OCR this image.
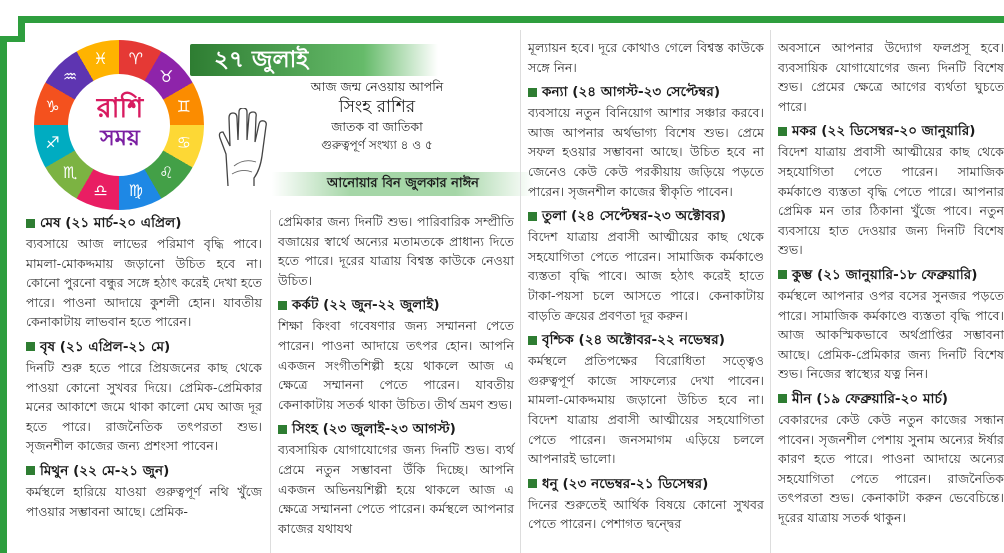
♈
♉
♊
♋
♌
♍
♎
♏
♐
♑
♒
♓
রাশি
সময়
২৭ জুলাই
আজ জন্ম নেওয়ায় আপনি
সিংহ রাশির
জাতক বা জাতিকা
গুরুত্বপূর্ণ সংখ্যা ৪ ও ৫
আনোয়ার বিন জুলকার নাঈন
মেষ (২১ মার্চ-২০ এপ্রিল)

ব্যবসায়ে আজ লাভের পরিমাণ বৃদ্ধি পাবে। মামলা-মোকদ্দমায় জড়ানো উচিত হবে না। কোনো পুরনো বন্ধুর সঙ্গে হঠাৎ করেই দেখা হতে পারে। পাওনা আদায়ে কুশলী হোন। যাবতীয় কেনাকাটায় লাভবান হতে পারেন।

বৃষ (২১ এপ্রিল-২১ মে)

দিনটি শুরু হতে পারে প্রিয়জনের কাছ থেকে পাওয়া কোনো সুখবর দিয়ে। প্রেমিক-প্রেমিকার মনের আকাশে জমে থাকা কালো মেঘ আজ দূর হতে পারে। রাজনৈতিক তৎপরতা শুভ। সৃজনশীল কাজের জন্য প্রশংসা পাবেন।

মিথুন (২২ মে-২১ জুন)

কর্মস্থলে হারিয়ে যাওয়া গুরুত্বপূর্ণ নথি খুঁজে পাওয়ার সম্ভাবনা আছে। প্রেমিক-

প্রেমিকার জন্য দিনটি শুভ। পারিবারিক সম্প্রীতি বজায়ের স্বার্থে অন্যের মতামতকে প্রাধান্য দিতে হতে পারে। দূরের যাত্রায় বিশ্বস্ত কাউকে নেওয়া উচিত।

কর্কট (২২ জুন-২২ জুলাই)

শিক্ষা কিংবা গবেষণার জন্য সম্মাননা পেতে পারেন। পাওনা আদায়ে তৎপর হোন। আপনি একজন সংগীতশিল্পী হয়ে থাকলে আজ এ ক্ষেত্রে সম্মাননা পেতে পারেন। যাবতীয় কেনাকাটায় সতর্ক থাকা উচিত। তীর্থ ভ্রমণ শুভ।

সিংহ (২৩ জুলাই-২৩ আগস্ট)

ব্যবসায়িক যোগাযোগের জন্য দিনটি শুভ। ব্যর্থ প্রেমে নতুন সম্ভাবনা উঁকি দিচ্ছে। আপনি একজন অভিনয়শিল্পী হয়ে থাকলে আজ এ ক্ষেত্রে সম্মাননা পেতে পারেন। কর্মস্থলে আপনার কাজের যথাযথ

মূল্যায়ন হবে। দূরে কোথাও গেলে বিশ্বস্ত কাউকে সঙ্গে নিন।

কন্যা (২৪ আগস্ট-২৩ সেপ্টেম্বর)

ব্যবসায়ে নতুন বিনিয়োগ আশার সঞ্চার করবে। আজ আপনার অর্থভাগ্য বিশেষ শুভ। প্রেমে সফল হওয়ার সম্ভাবনা আছে। উচিত হবে না জেনেও কেউ কেউ পরকীয়ায় জড়িয়ে পড়তে পারেন। সৃজনশীল কাজের স্বীকৃতি পাবেন।

তুলা (২৪ সেপ্টেম্বর-২৩ অক্টোবর)

বিদেশ যাত্রায় প্রবাসী আত্মীয়ের কাছ থেকে সহযোগিতা পেতে পারেন। সামাজিক কর্মকাণ্ডে ব্যস্ততা বৃদ্ধি পাবে। আজ হঠাৎ করেই হাতে টাকা-পয়সা চলে আসতে পারে। কেনাকাটায় বাড়তি ক্রয়ের প্রবণতা দূর করুন।

বৃশ্চিক (২৪ অক্টোবর-২২ নভেম্বর)

কর্মস্থলে প্রতিপক্ষের বিরোধিতা সত্ত্বেও গুরুত্বপূর্ণ কাজে সাফল্যের দেখা পাবেন। মামলা-মোকদ্দমায় জড়ানো উচিত হবে না। বিদেশ যাত্রায় প্রবাসী আত্মীয়ের সহযোগিতা পেতে পারেন। জনসমাগম এড়িয়ে চললে আপনারই ভালো।

ধনু (২৩ নভেম্বর-২১ ডিসেম্বর)

দিনের শুরুতেই আর্থিক বিষয়ে কোনো সুখবর পেতে পারেন। পেশাগত দ্বন্দ্বের

অবসানে আপনার উদ্যোগ ফলপ্রসূ হবে। ব্যবসায়িক যোগাযোগের জন্য দিনটি বিশেষ শুভ। প্রেমের ক্ষেত্রে আগের ব্যর্থতা ঘুচতে পারে।

মকর (২২ ডিসেম্বর-২০ জানুয়ারি)

বিদেশ যাত্রায় প্রবাসী আত্মীয়ের কাছ থেকে সহযোগিতা পেতে পারেন। সামাজিক কর্মকাণ্ডে ব্যস্ততা বৃদ্ধি পেতে পারে। আপনার প্রেমিক মন তার ঠিকানা খুঁজে পাবে। নতুন ব্যবসায়ে হাত দেওয়ার জন্য দিনটি বিশেষ শুভ।

কুম্ভ (২১ জানুয়ারি-১৮ ফেব্রুয়ারি)

কর্মস্থলে আপনার ওপর বসের সুনজর পড়তে পারে। সামাজিক কর্মকাণ্ডে ব্যস্ততা বৃদ্ধি পাবে। আজ আকস্মিকভাবে অর্থপ্রাপ্তির সম্ভাবনা আছে। প্রেমিক-প্রেমিকার জন্য দিনটি বিশেষ শুভ। নিজের স্বাস্থ্যের যত্ন নিন।

মীন (১৯ ফেব্রুয়ারি-২০ মার্চ)

বেকারদের কেউ কেউ নতুন কাজের সন্ধান পাবেন। সৃজনশীল পেশায় সুনাম অন্যের ঈর্ষার কারণ হতে পারে। পাওনা আদায়ে অন্যের সহযোগিতা পেতে পারেন। রাজনৈতিক তৎপরতা শুভ। কেনাকাটা করুন ভেবেচিন্তে। দূরের যাত্রায় সতর্ক থাকুন।
